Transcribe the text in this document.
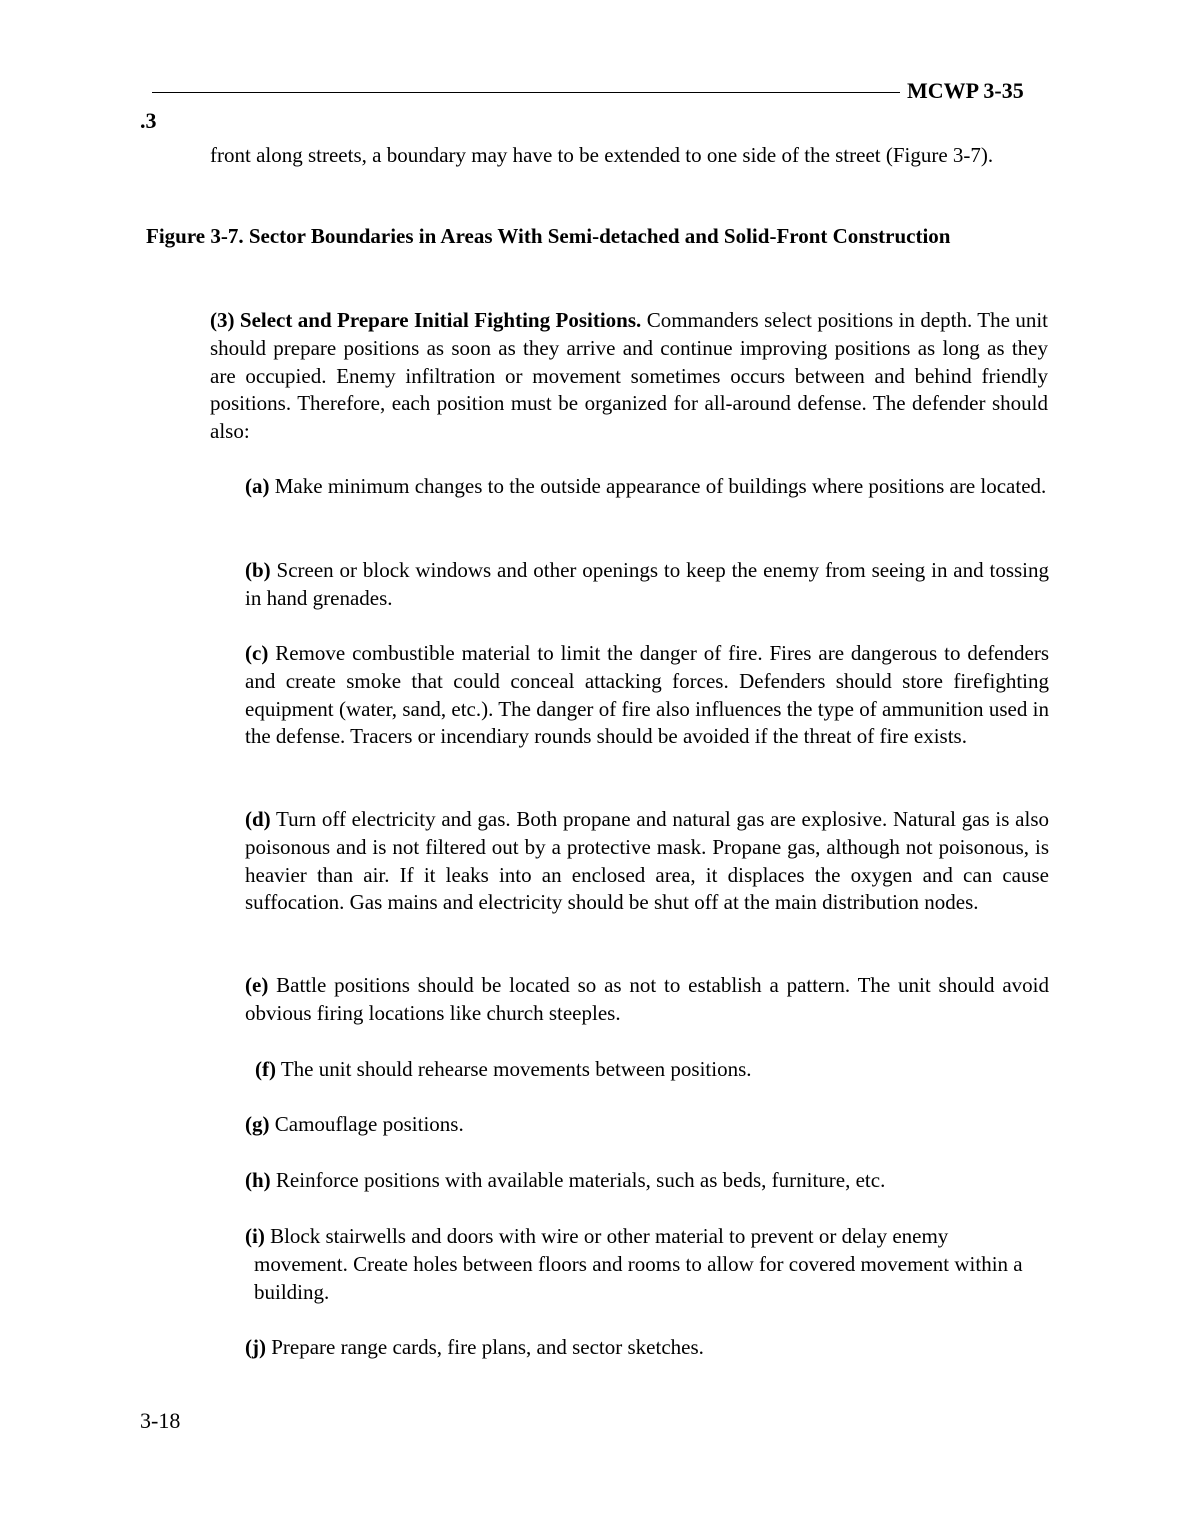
MCWP 3-35
.3

front along streets, a boundary may have to be extended to one side of the street (Figure 3-7).

Figure 3-7. Sector Boundaries in Areas With Semi-detached and Solid-Front Construction

(3) Select and Prepare Initial Fighting Positions. Commanders select positions in depth. The unit should prepare positions as soon as they arrive and continue improving positions as long as they are occupied. Enemy infiltration or movement sometimes occurs between and behind friendly positions. Therefore, each position must be organized for all-around defense. The defender should also:

(a) Make minimum changes to the outside appearance of buildings where positions are located.

(b) Screen or block windows and other openings to keep the enemy from seeing in and tossing in hand grenades.

(c) Remove combustible material to limit the danger of fire. Fires are dangerous to defenders and create smoke that could conceal attacking forces. Defenders should store firefighting equipment (water, sand, etc.). The danger of fire also influences the type of ammunition used in the defense. Tracers or incendiary rounds should be avoided if the threat of fire exists.

(d) Turn off electricity and gas. Both propane and natural gas are explosive. Natural gas is also poisonous and is not filtered out by a protective mask. Propane gas, although not poisonous, is heavier than air. If it leaks into an enclosed area, it displaces the oxygen and can cause suffocation. Gas mains and electricity should be shut off at the main distribution nodes.

(e) Battle positions should be located so as not to establish a pattern. The unit should avoid obvious firing locations like church steeples.

(f) The unit should rehearse movements between positions.

(g) Camouflage positions.

(h) Reinforce positions with available materials, such as beds, furniture, etc.

(i) Block stairwells and doors with wire or other material to prevent or delay enemy
movement. Create holes between floors and rooms to allow for covered movement within a building.

(j) Prepare range cards, fire plans, and sector sketches.

3-18
